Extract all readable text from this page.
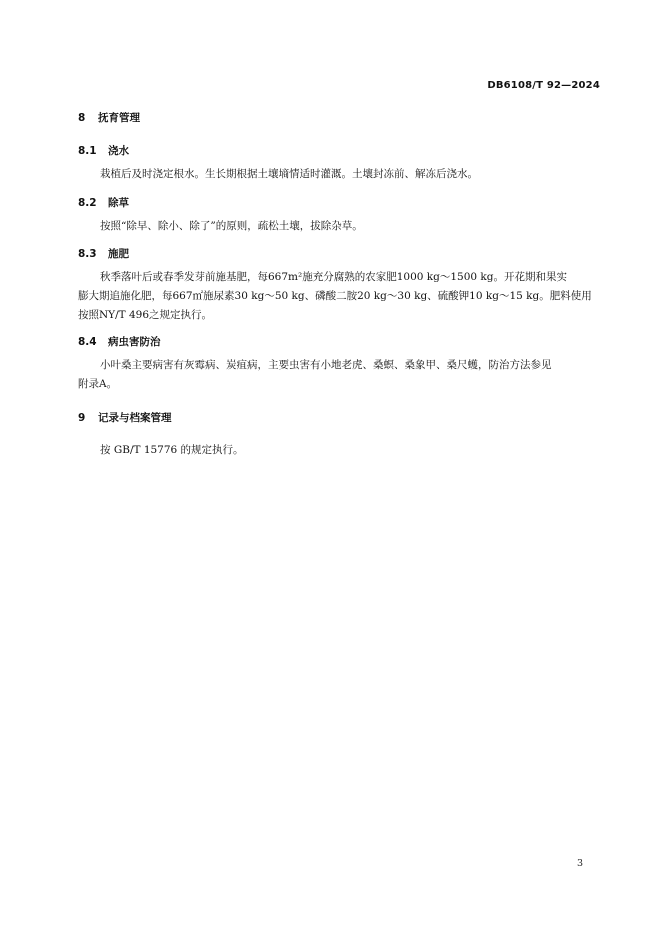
DB6108/T 92—2024
8 抚育管理
8.1 浇水
栽植后及时浇定根水。生长期根据土壤墒情适时灌溉。土壤封冻前、解冻后浇水。
8.2 除草
按照“除早、除小、除了”的原则，疏松土壤，拔除杂草。
8.3 施肥
秋季落叶后或春季发芽前施基肥，每667m²施充分腐熟的农家肥1000 kg～1500 kg。开花期和果实
膨大期追施化肥，每667㎡施尿素30 kg～50 kg、磷酸二胺20 kg～30 kg、硫酸钾10 kg～15 kg。肥料使用
按照NY/T 496之规定执行。
8.4 病虫害防治
小叶桑主要病害有灰霉病、炭疽病，主要虫害有小地老虎、桑螟、桑象甲、桑尺蠖，防治方法参见
附录A。
9 记录与档案管理
按 GB/T 15776 的规定执行。
3
